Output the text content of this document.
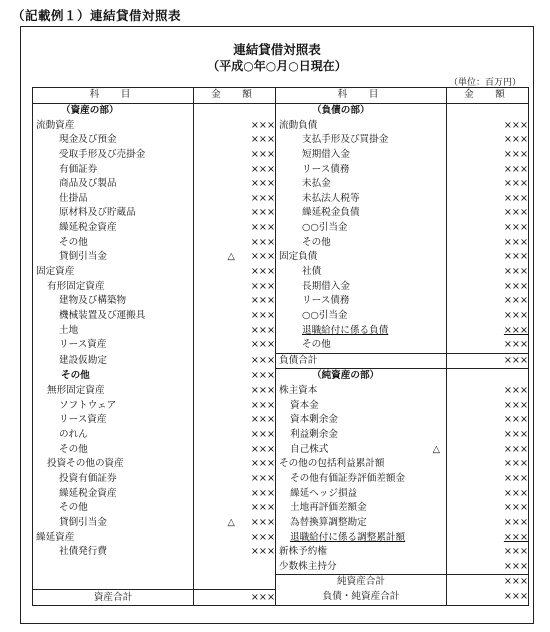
（記載例１）連結貸借対照表
連結貸借対照表
（平成○年○月○日現在）
（単位：百万円）
科　目	金　額	科　目	金　額
（資産の部）		（負債の部）	
流動資産	×××	流動負債	×××
現金及び預金	×××	支払手形及び買掛金	×××
受取手形及び売掛金	×××	短期借入金	×××
有価証券	×××	リース債務	×××
商品及び製品	×××	未払金	×××
仕掛品	×××	未払法人税等	×××
原材料及び貯蔵品	×××	繰延税金負債	×××
繰延税金資産	×××	○○引当金	×××
その他	×××	その他	×××
貸倒引当金	△ ×××	固定負債	×××
固定資産	×××	社債	×××
有形固定資産	×××	長期借入金	×××
建物及び構築物	×××	リース債務	×××
機械装置及び運搬具	×××	○○引当金	×××
土地	×××	退職給付に係る負債	×××
リース資産	×××	その他	×××
建設仮勘定	×××	負債合計	×××
その他	×××	（純資産の部）	
無形固定資産	×××	株主資本	×××
ソフトウェア	×××	資本金	×××
リース資産	×××	資本剰余金	×××
のれん	×××	利益剰余金	×××
その他	×××	自己株式 △	×××
投資その他の資産	×××	その他の包括利益累計額	×××
投資有価証券	×××	その他有価証券評価差額金	×××
繰延税金資産	×××	繰延ヘッジ損益	×××
その他	×××	土地再評価差額金	×××
貸倒引当金	△ ×××	為替換算調整勘定	×××
繰延資産	×××	退職給付に係る調整累計額	×××
社債発行費	×××	新株予約権	×××
		少数株主持分	×××
		純資産合計	×××
資産合計	×××	負債・純資産合計	×××
